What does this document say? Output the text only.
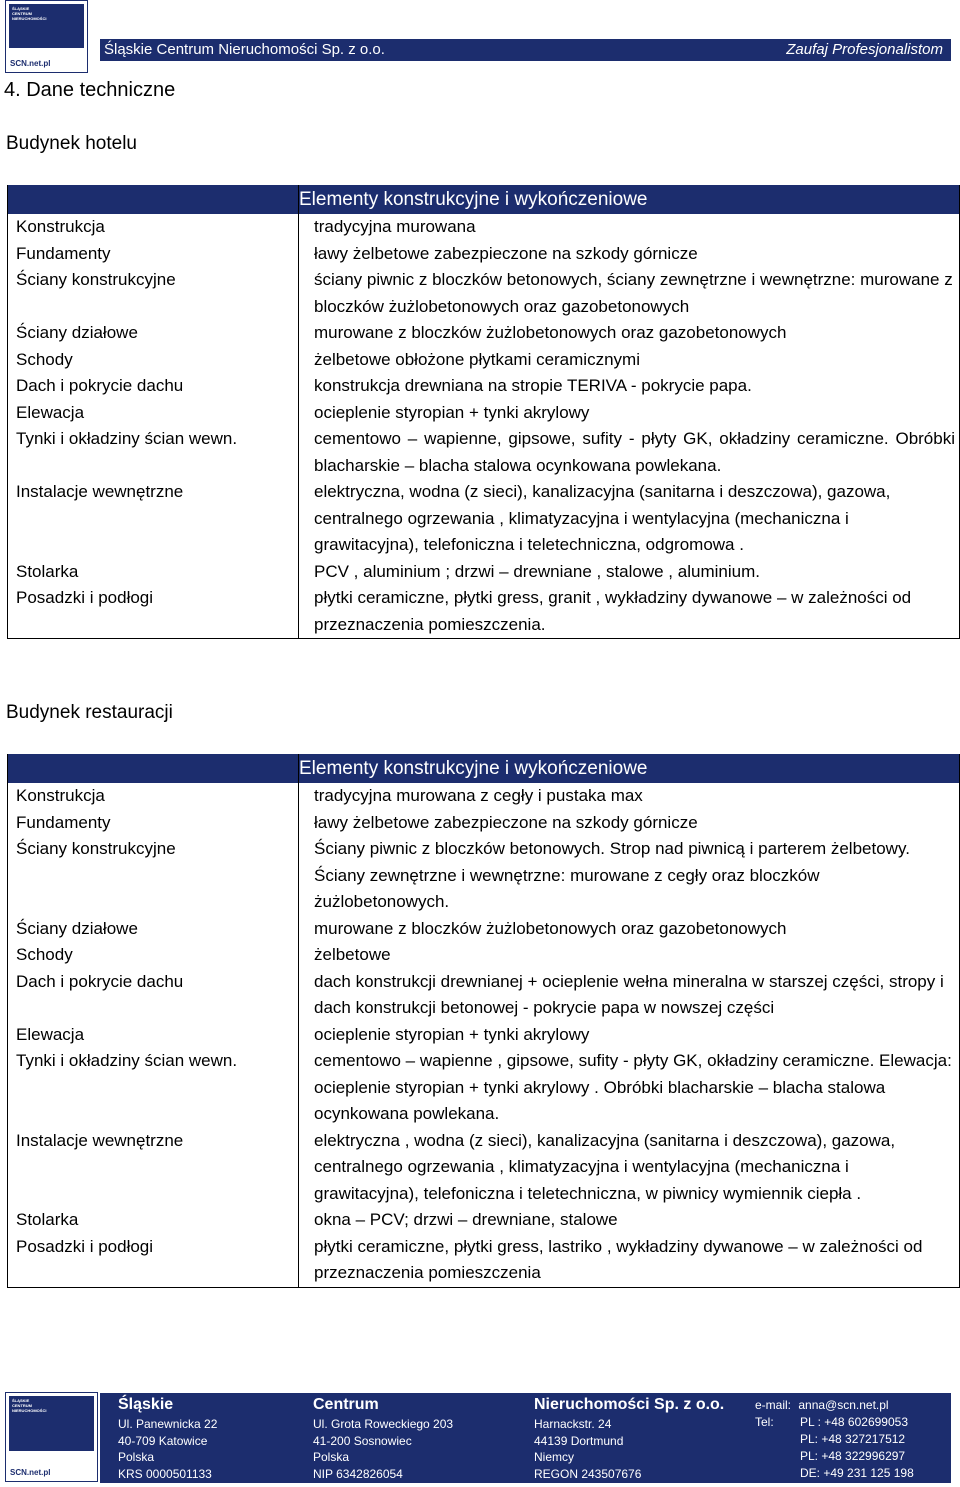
ŚLĄSKIE
CENTRUM
NIERUCHOMOŚCI
SCN.net.pl
Śląskie Centrum Nieruchomości Sp. z o.o.	Zaufaj Profesjonalistom
4. Dane techniczne
Budynek hotelu
	Elementy konstrukcyjne i wykończeniowe
Konstrukcja	tradycyjna murowana
Fundamenty	ławy żelbetowe zabezpieczone na szkody górnicze
Ściany konstrukcyjne	ściany piwnic z bloczków betonowych, ściany zewnętrzne i wewnętrzne: murowane z bloczków żużlobetonowych oraz gazobetonowych
Ściany działowe	murowane z bloczków żużlobetonowych oraz gazobetonowych
Schody	żelbetowe obłożone płytkami ceramicznymi
Dach i pokrycie dachu	konstrukcja drewniana na stropie TERIVA - pokrycie papa.
Elewacja	ocieplenie styropian + tynki akrylowy
Tynki i okładziny ścian wewn.	cementowo – wapienne, gipsowe, sufity - płyty GK, okładziny ceramiczne. Obróbki blacharskie – blacha stalowa ocynkowana powlekana.
Instalacje wewnętrzne	elektryczna, wodna (z sieci), kanalizacyjna (sanitarna i deszczowa), gazowa, centralnego ogrzewania , klimatyzacyjna i wentylacyjna (mechaniczna i grawitacyjna), telefoniczna i teletechniczna, odgromowa .
Stolarka	PCV , aluminium ; drzwi – drewniane , stalowe , aluminium.
Posadzki i podłogi	płytki ceramiczne, płytki gress, granit , wykładziny dywanowe – w zależności od przeznaczenia pomieszczenia.
Budynek restauracji
	Elementy konstrukcyjne i wykończeniowe
Konstrukcja	tradycyjna murowana z cegły i pustaka max
Fundamenty	ławy żelbetowe zabezpieczone na szkody górnicze
Ściany konstrukcyjne	Ściany piwnic z bloczków betonowych. Strop nad piwnicą i parterem żelbetowy. Ściany zewnętrzne i wewnętrzne: murowane z cegły oraz bloczków żużlobetonowych.
Ściany działowe	murowane z bloczków żużlobetonowych oraz gazobetonowych
Schody	żelbetowe
Dach i pokrycie dachu	dach konstrukcji drewnianej + ocieplenie wełna mineralna w starszej części, stropy i dach konstrukcji betonowej - pokrycie papa w nowszej części
Elewacja	ocieplenie styropian + tynki akrylowy
Tynki i okładziny ścian wewn.	cementowo – wapienne , gipsowe, sufity - płyty GK, okładziny ceramiczne. Elewacja: ocieplenie styropian + tynki akrylowy . Obróbki blacharskie – blacha stalowa ocynkowana powlekana.
Instalacje wewnętrzne	elektryczna , wodna (z sieci), kanalizacyjna (sanitarna i deszczowa), gazowa, centralnego ogrzewania , klimatyzacyjna i wentylacyjna (mechaniczna i grawitacyjna), telefoniczna i teletechniczna, w piwnicy wymiennik ciepła .
Stolarka	okna – PCV; drzwi – drewniane, stalowe
Posadzki i podłogi	płytki ceramiczne, płytki gress, lastriko , wykładziny dywanowe – w zależności od przeznaczenia pomieszczenia
ŚLĄSKIE
CENTRUM
NIERUCHOMOŚCI
SCN.net.pl
Śląskie
Ul. Panewnicka 22
40-709 Katowice
Polska
KRS 0000501133
Centrum
Ul. Grota Roweckiego 203
41-200 Sosnowiec
Polska
NIP 6342826054
Nieruchomości Sp. z o.o.
Harnackstr. 24
44139 Dortmund
Niemcy
REGON 243507676
e-mail: anna@scn.net.pl
Tel: PL : +48 602699053
PL: +48 327217512
PL: +48 322996297
DE: +49 231 125 198
